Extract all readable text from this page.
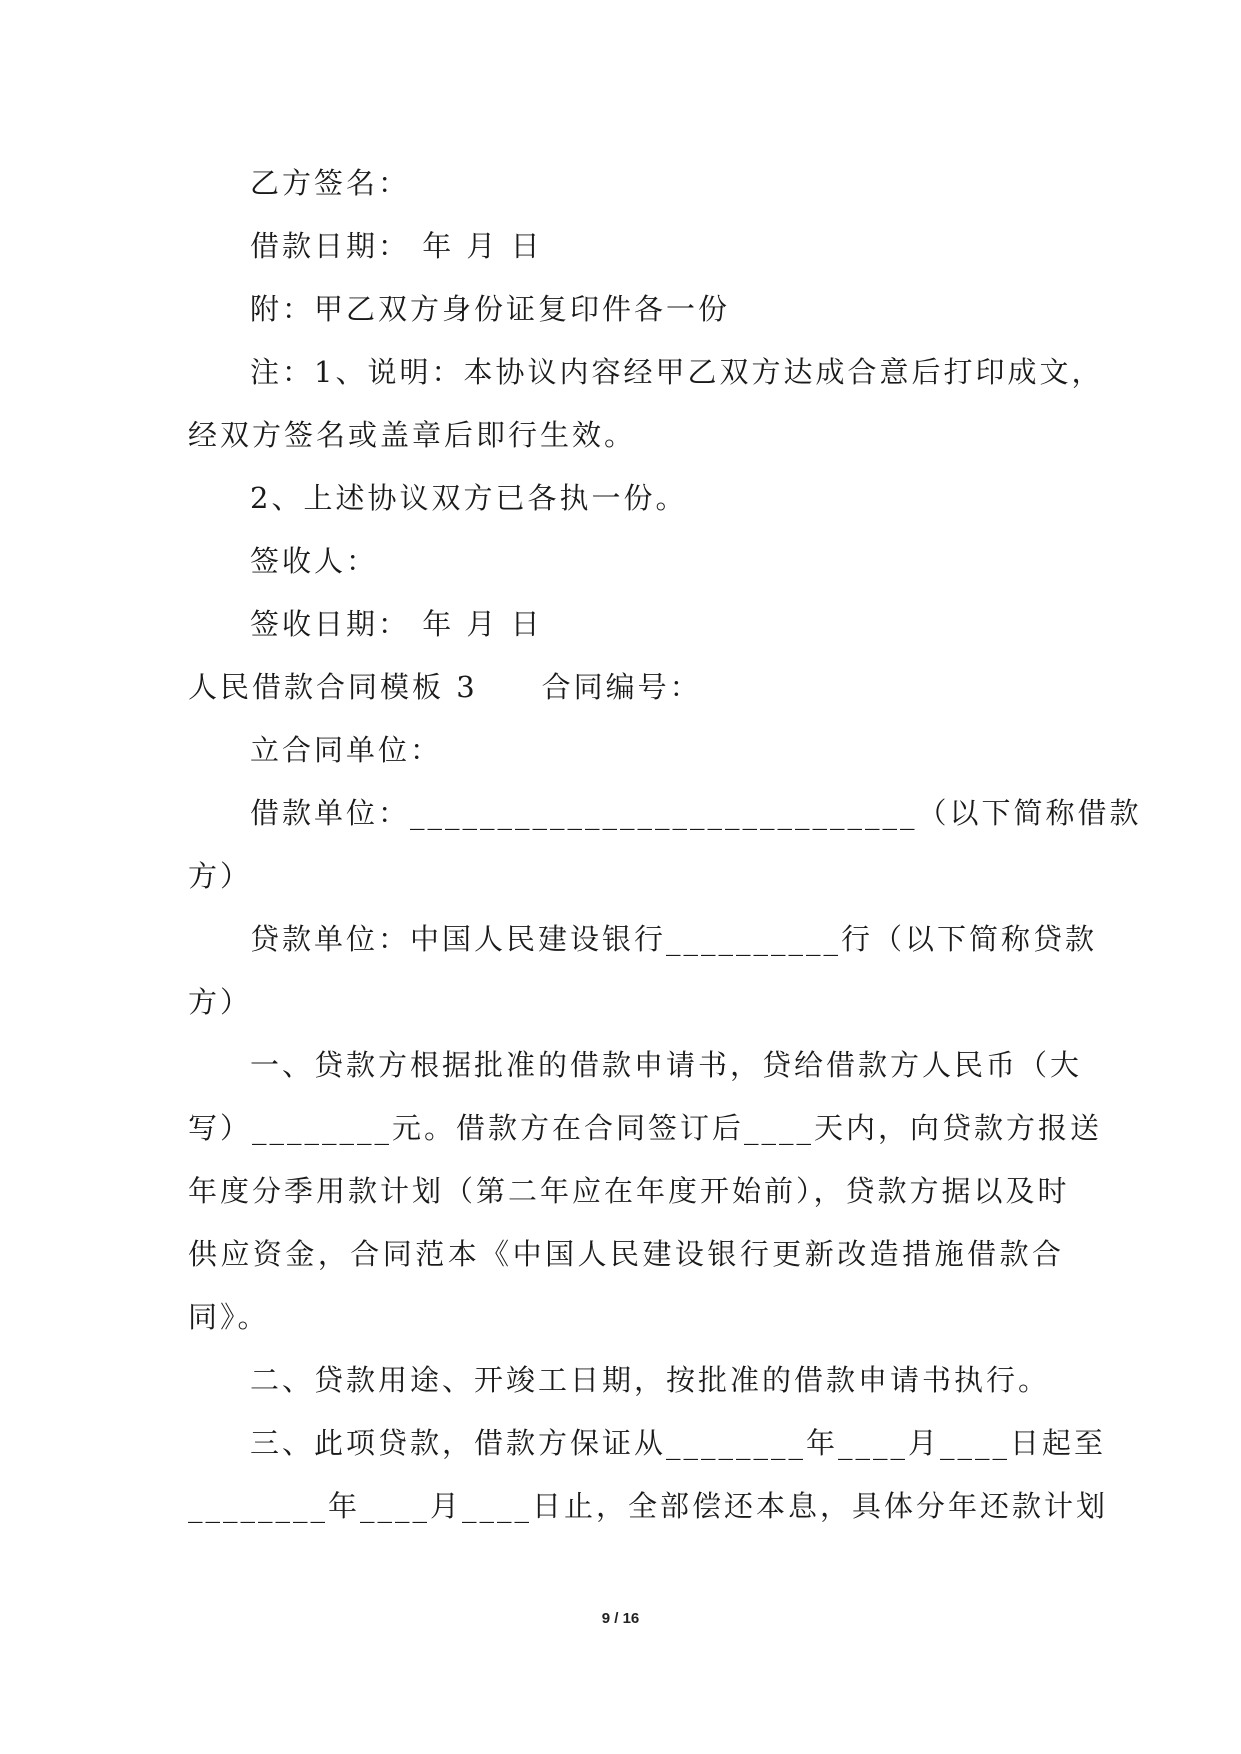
乙方签名：
借款日期： 年 月 日
附：甲乙双方身份证复印件各一份
注：1、说明：本协议内容经甲乙双方达成合意后打印成文，
经双方签名或盖章后即行生效。
2、上述协议双方已各执一份。
签收人：
签收日期： 年 月 日
人民借款合同模板 3　　合同编号：
立合同单位：
借款单位：_____________________________（以下简称借款
方）
贷款单位：中国人民建设银行__________行（以下简称贷款
方）
一、贷款方根据批准的借款申请书，贷给借款方人民币（大
写）________元。借款方在合同签订后____天内，向贷款方报送
年度分季用款计划（第二年应在年度开始前），贷款方据以及时
供应资金，合同范本《中国人民建设银行更新改造措施借款合
同》。
二、贷款用途、开竣工日期，按批准的借款申请书执行。
三、此项贷款，借款方保证从________年____月____日起至
________年____月____日止，全部偿还本息，具体分年还款计划
9 / 16
